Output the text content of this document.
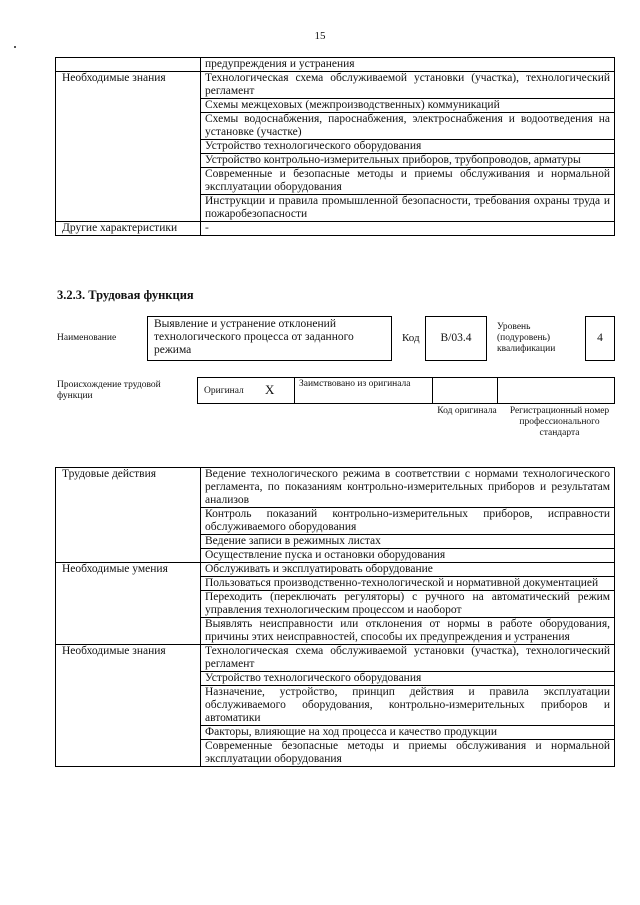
15
	предупреждения и устранения
Необходимые знания	Технологическая схема обслуживаемой установки (участка), технологический регламент
	Схемы межцеховых (межпроизводственных) коммуникаций
	Схемы водоснабжения, пароснабжения, электроснабжения и водоотведения на установке (участке)
	Устройство технологического оборудования
	Устройство контрольно-измерительных приборов, трубопроводов, арматуры
	Современные и безопасные методы и приемы обслуживания и нормальной эксплуатации оборудования
	Инструкции и правила промышленной безопасности, требования охраны труда и пожаробезопасности
Другие характеристики	-
3.2.3. Трудовая функция
Наименование
Выявление и устранение отклонений технологического процесса от заданного режима
Код	B/03.4
Уровень (подуровень) квалификации
4
Происхождение трудовой функции	Оригинал X	Заимствовано из оригинала
Код оригинала Регистрационный номер профессионального стандарта
Трудовые действия	Ведение технологического режима в соответствии с нормами технологического регламента, по показаниям контрольно-измерительных приборов и результатам анализов
	Контроль показаний контрольно-измерительных приборов, исправности обслуживаемого оборудования
	Ведение записи в режимных листах
	Осуществление пуска и остановки оборудования
Необходимые умения	Обслуживать и эксплуатировать оборудование
	Пользоваться производственно-технологической и нормативной документацией
	Переходить (переключать регуляторы) с ручного на автоматический режим управления технологическим процессом и наоборот
	Выявлять неисправности или отклонения от нормы в работе оборудования, причины этих неисправностей, способы их предупреждения и устранения
Необходимые знания	Технологическая схема обслуживаемой установки (участка), технологический регламент
	Устройство технологического оборудования
	Назначение, устройство, принцип действия и правила эксплуатации обслуживаемого оборудования, контрольно-измерительных приборов и автоматики
	Факторы, влияющие на ход процесса и качество продукции
	Современные безопасные методы и приемы обслуживания и нормальной эксплуатации оборудования
